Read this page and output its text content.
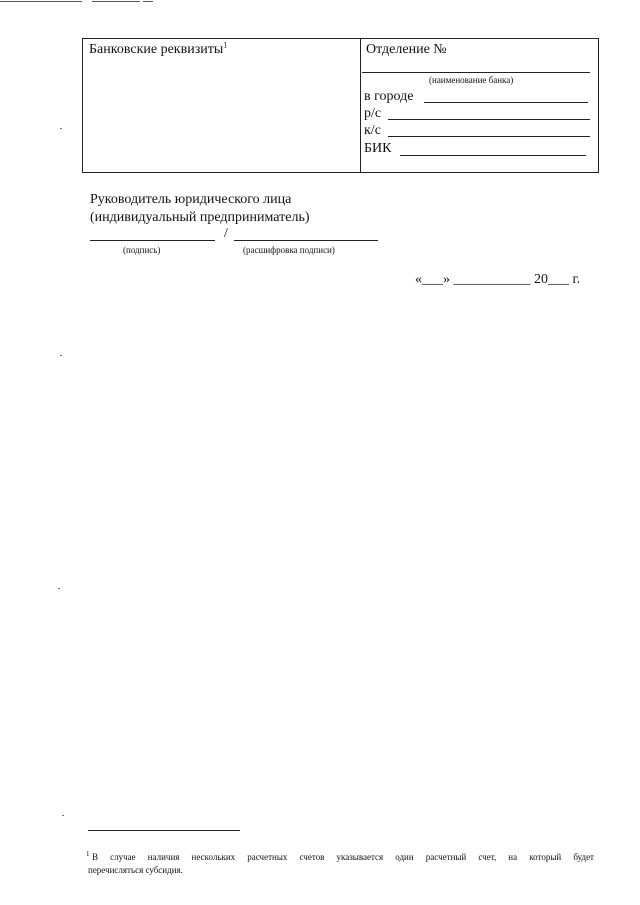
Банковские реквизиты$^1$	Отделение №
(наименование банка)
в городе
р/с
к/с
БИК
Руководитель юридического лица
(индивидуальный предприниматель)
/
(подпись)	(расшифровка подписи)
«___» ___________ 20___ г.
1 В случае наличия нескольких расчетных счетов указывается один расчетный счет, на который будет
перечисляться субсидия.
